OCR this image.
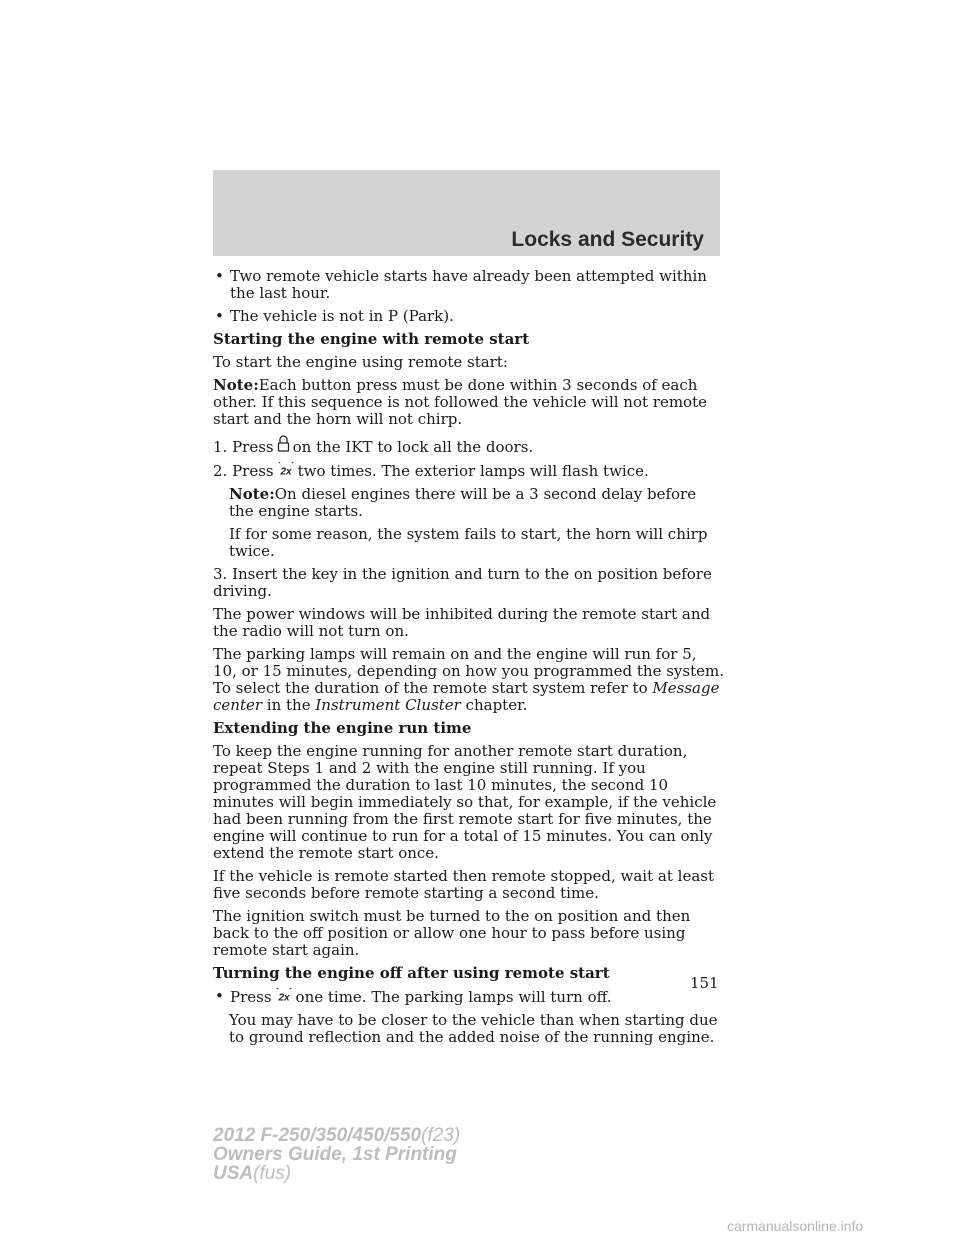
Locks and Security
• Two remote vehicle starts have already been attempted within the last hour.
• The vehicle is not in P (Park).

Starting the engine with remote start

To start the engine using remote start:

Note:Each button press must be done within 3 seconds of each other. If this sequence is not followed the vehicle will not remote start and the horn will not chirp.

1. Press on the IKT to lock all the doors.

2. Press 2x two times. The exterior lamps will flash twice.

Note:On diesel engines there will be a 3 second delay before the engine starts.

If for some reason, the system fails to start, the horn will chirp twice.

3. Insert the key in the ignition and turn to the on position before driving.

The power windows will be inhibited during the remote start and the radio will not turn on.

The parking lamps will remain on and the engine will run for 5, 10, or 15 minutes, depending on how you programmed the system. To select the duration of the remote start system refer to Message center in the Instrument Cluster chapter.

Extending the engine run time

To keep the engine running for another remote start duration, repeat Steps 1 and 2 with the engine still running. If you programmed the duration to last 10 minutes, the second 10 minutes will begin immediately so that, for example, if the vehicle had been running from the first remote start for five minutes, the engine will continue to run for a total of 15 minutes. You can only extend the remote start once.

If the vehicle is remote started then remote stopped, wait at least five seconds before remote starting a second time.

The ignition switch must be turned to the on position and then back to the off position or allow one hour to pass before using remote start again.

Turning the engine off after using remote start

• Press 2x one time. The parking lamps will turn off.

You may have to be closer to the vehicle than when starting due to ground reflection and the added noise of the running engine.

151
2012 F-250/350/450/550(f23)
Owners Guide, 1st Printing
USA(fus)
carmanualsonline.info
